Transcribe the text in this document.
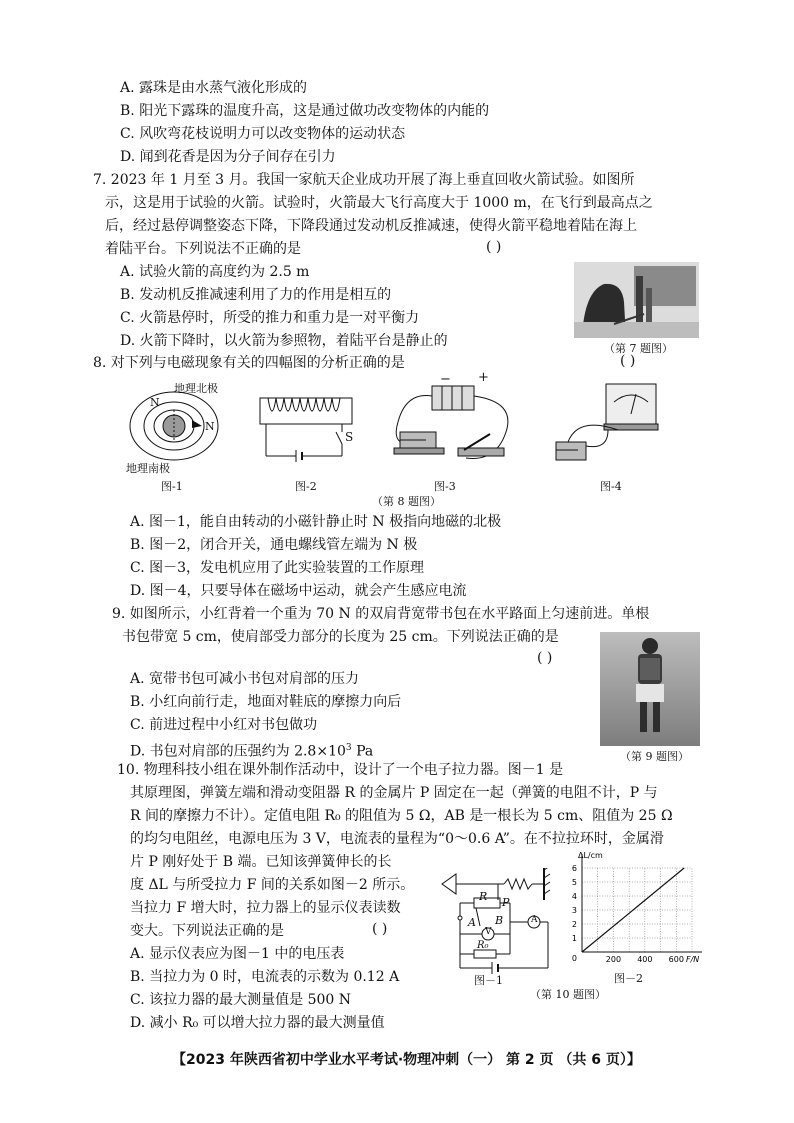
A. 露珠是由水蒸气液化形成的
B. 阳光下露珠的温度升高，这是通过做功改变物体的内能的
C. 风吹弯花枝说明力可以改变物体的运动状态
D. 闻到花香是因为分子间存在引力
7. 2023 年 1 月至 3 月。我国一家航天企业成功开展了海上垂直回收火箭试验。如图所
示，这是用于试验的火箭。试验时，火箭最大飞行高度大于 1000 m，在飞行到最高点之
后，经过悬停调整姿态下降，下降段通过发动机反推减速，使得火箭平稳地着陆在海上
着陆平台。下列说法不正确的是	( )
A. 试验火箭的高度约为 2.5 m
B. 发动机反推减速利用了力的作用是相互的
C. 火箭悬停时，所受的推力和重力是一对平衡力
D. 火箭下降时，以火箭为参照物，着陆平台是静止的	（第 7 题图）
8. 对下列与电磁现象有关的四幅图的分析正确的是	( )
地理北极
地理南极
N
N
图-1
S
图-2
− +
图-3	图-4
（第 8 题图）
A. 图－1，能自由转动的小磁针静止时 N 极指向地磁的北极
B. 图－2，闭合开关，通电螺线管左端为 N 极
C. 图－3，发电机应用了此实验装置的工作原理
D. 图－4，只要导体在磁场中运动，就会产生感应电流
9. 如图所示，小红背着一个重为 70 N 的双肩背宽带书包在水平路面上匀速前进。单根
书包带宽 5 cm，使肩部受力部分的长度为 25 cm。下列说法正确的是
( )
A. 宽带书包可减小书包对肩部的压力
B. 小红向前行走，地面对鞋底的摩擦力向后
C. 前进过程中小红对书包做功
D. 书包对肩部的压强约为 $2.8\times 10^3$ Pa	（第 9 题图）
10. 物理科技小组在课外制作活动中，设计了一个电子拉力器。图－1 是
其原理图，弹簧左端和滑动变阻器 R 的金属片 P 固定在一起（弹簧的电阻不计，P 与
R 间的摩擦力不计）。定值电阻 R₀ 的阻值为 5 Ω，AB 是一根长为 5 cm、阻值为 25 Ω
的均匀电阻丝，电源电压为 3 V，电流表的量程为“0～0.6 A”。在不拉拉环时，金属滑
片 P 刚好处于 B 端。已知该弹簧伸长的长
度 ΔL 与所受拉力 F 间的关系如图－2 所示。
当拉力 F 增大时，拉力器上的显示仪表读数
变大。下列说法正确的是	( )
A. 显示仪表应为图－1 中的电压表
B. 当拉力为 0 时，电流表的示数为 0.12 A
C. 该拉力器的最大测量值是 500 N
D. 减小 R₀ 可以增大拉力器的最大测量值
R P
A B
V
A
R₀
图－1
1
2
3
4
5
6
200 400 600
0
ΔL/cm
F/N
图－2
（第 10 题图）
【2023 年陕西省初中学业水平考试·物理冲刺（一） 第 2 页 （共 6 页）】
